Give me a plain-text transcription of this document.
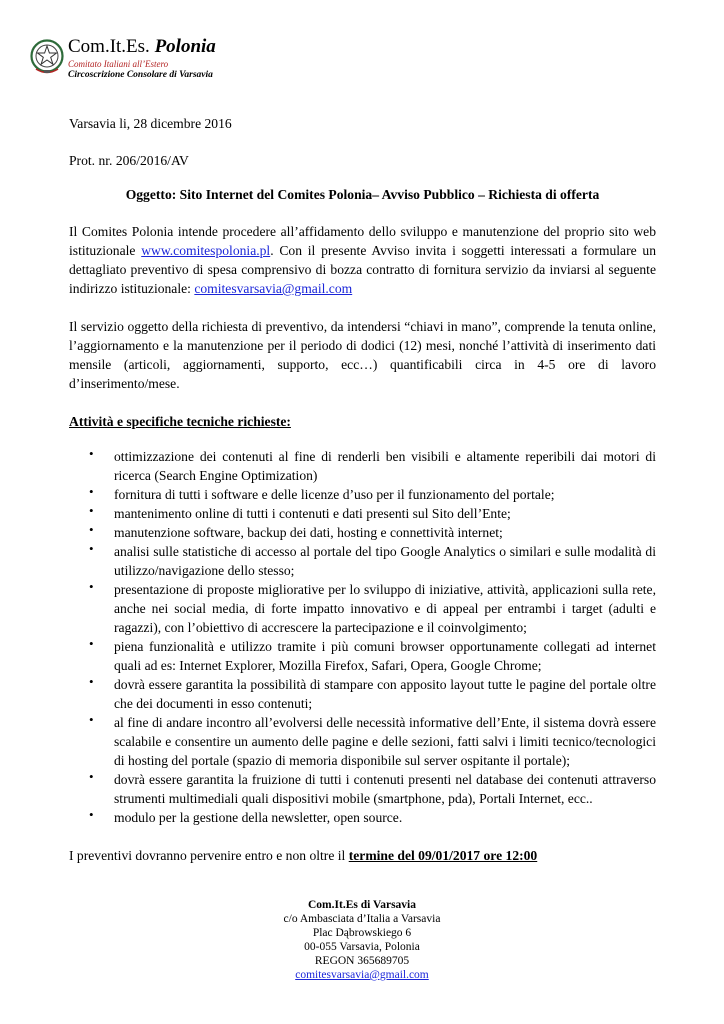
Com.It.Es. Polonia
Comitato Italiani all’Estero
Circoscrizione Consolare di Varsavia

Varsavia li, 28 dicembre 2016

Prot. nr. 206/2016/AV

Oggetto: Sito Internet del Comites Polonia– Avviso Pubblico – Richiesta di offerta

Il Comites Polonia intende procedere all’affidamento dello sviluppo e manutenzione del proprio sito web istituzionale www.comitespolonia.pl. Con il presente Avviso invita i soggetti interessati a formulare un dettagliato preventivo di spesa comprensivo di bozza contratto di fornitura servizio da inviarsi al seguente indirizzo istituzionale: comitesvarsavia@gmail.com

Il servizio oggetto della richiesta di preventivo, da intendersi “chiavi in mano”, comprende la tenuta online, l’aggiornamento e la manutenzione per il periodo di dodici (12) mesi, nonché l’attività di inserimento dati mensile (articoli, aggiornamenti, supporto, ecc…) quantificabili circa in 4-5 ore di lavoro d’inserimento/mese.

Attività e specifiche tecniche richieste:

• ottimizzazione dei contenuti al fine di renderli ben visibili e altamente reperibili dai motori di ricerca (Search Engine Optimization)
• fornitura di tutti i software e delle licenze d’uso per il funzionamento del portale;
• mantenimento online di tutti i contenuti e dati presenti sul Sito dell’Ente;
• manutenzione software, backup dei dati, hosting e connettività internet;
• analisi sulle statistiche di accesso al portale del tipo Google Analytics o similari e sulle modalità di utilizzo/navigazione dello stesso;
• presentazione di proposte migliorative per lo sviluppo di iniziative, attività, applicazioni sulla rete, anche nei social media, di forte impatto innovativo e di appeal per entrambi i target (adulti e ragazzi), con l’obiettivo di accrescere la partecipazione e il coinvolgimento;
• piena funzionalità e utilizzo tramite i più comuni browser opportunamente collegati ad internet quali ad es: Internet Explorer, Mozilla Firefox, Safari, Opera, Google Chrome;
• dovrà essere garantita la possibilità di stampare con apposito layout tutte le pagine del portale oltre che dei documenti in esso contenuti;
• al fine di andare incontro all’evolversi delle necessità informative dell’Ente, il sistema dovrà essere scalabile e consentire un aumento delle pagine e delle sezioni, fatti salvi i limiti tecnico/tecnologici di hosting del portale (spazio di memoria disponibile sul server ospitante il portale);
• dovrà essere garantita la fruizione di tutti i contenuti presenti nel database dei contenuti attraverso strumenti multimediali quali dispositivi mobile (smartphone, pda), Portali Internet, ecc..
• modulo per la gestione della newsletter, open source.

I preventivi dovranno pervenire entro e non oltre il termine del 09/01/2017 ore 12:00

Com.It.Es di Varsavia
c/o Ambasciata d’Italia a Varsavia
Plac Dąbrowskiego 6
00-055 Varsavia, Polonia
REGON 365689705
comitesvarsavia@gmail.com
